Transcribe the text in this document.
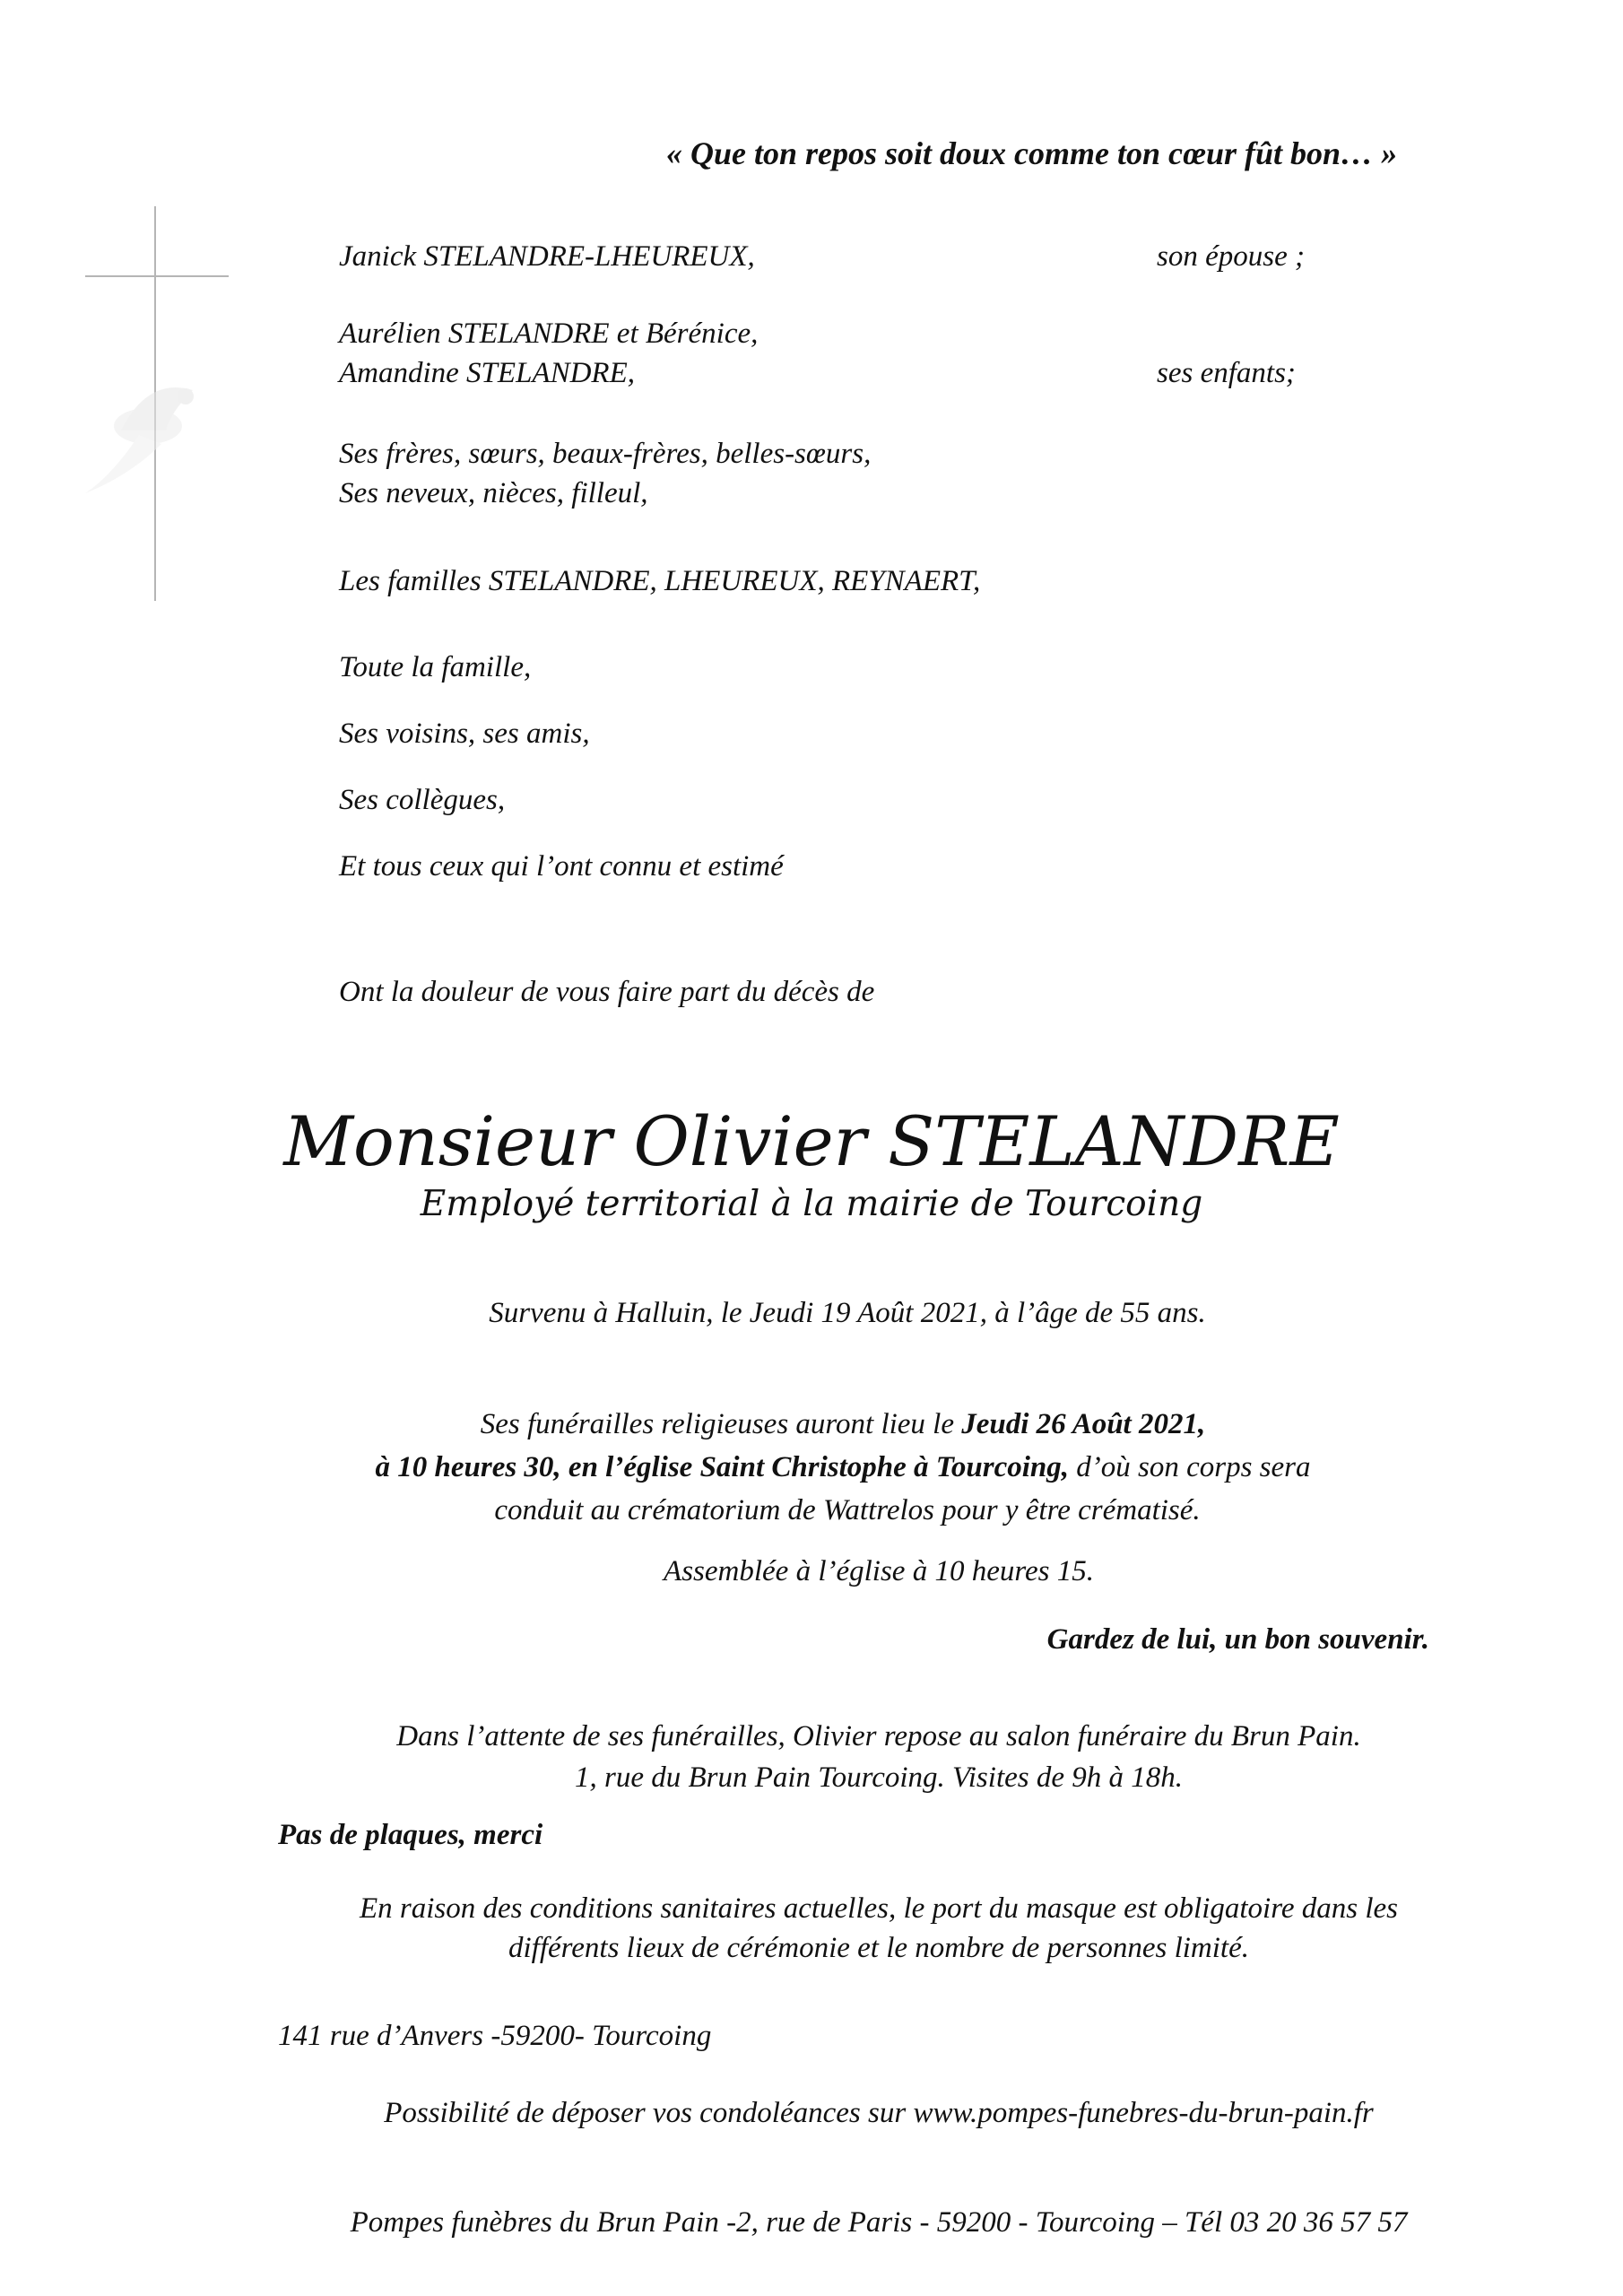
« Que ton repos soit doux comme ton cœur fût bon… »
Janick STELANDRE-LHEUREUX,	son épouse ;
Aurélien STELANDRE et Bérénice,
Amandine STELANDRE,	ses enfants;
Ses frères, sœurs, beaux-frères, belles-sœurs,
Ses neveux, nièces, filleul,
Les familles STELANDRE, LHEUREUX, REYNAERT,
Toute la famille,
Ses voisins, ses amis,
Ses collègues,
Et tous ceux qui l’ont connu et estimé
Ont la douleur de vous faire part du décès de
Monsieur Olivier STELANDRE
Employé territorial à la mairie de Tourcoing
Survenu à Halluin, le Jeudi 19 Août 2021, à l’âge de 55 ans.
Ses funérailles religieuses auront lieu le Jeudi 26 Août 2021,
à 10 heures 30, en l’église Saint Christophe à Tourcoing, d’où son corps sera
conduit au crématorium de Wattrelos pour y être crématisé.
Assemblée à l’église à 10 heures 15.
Gardez de lui, un bon souvenir.
Dans l’attente de ses funérailles, Olivier repose au salon funéraire du Brun Pain.
1, rue du Brun Pain Tourcoing. Visites de 9h à 18h.
Pas de plaques, merci
En raison des conditions sanitaires actuelles, le port du masque est obligatoire dans les
différents lieux de cérémonie et le nombre de personnes limité.
141 rue d’Anvers -59200- Tourcoing
Possibilité de déposer vos condoléances sur www.pompes-funebres-du-brun-pain.fr
Pompes funèbres du Brun Pain -2, rue de Paris - 59200 - Tourcoing – Tél 03 20 36 57 57
